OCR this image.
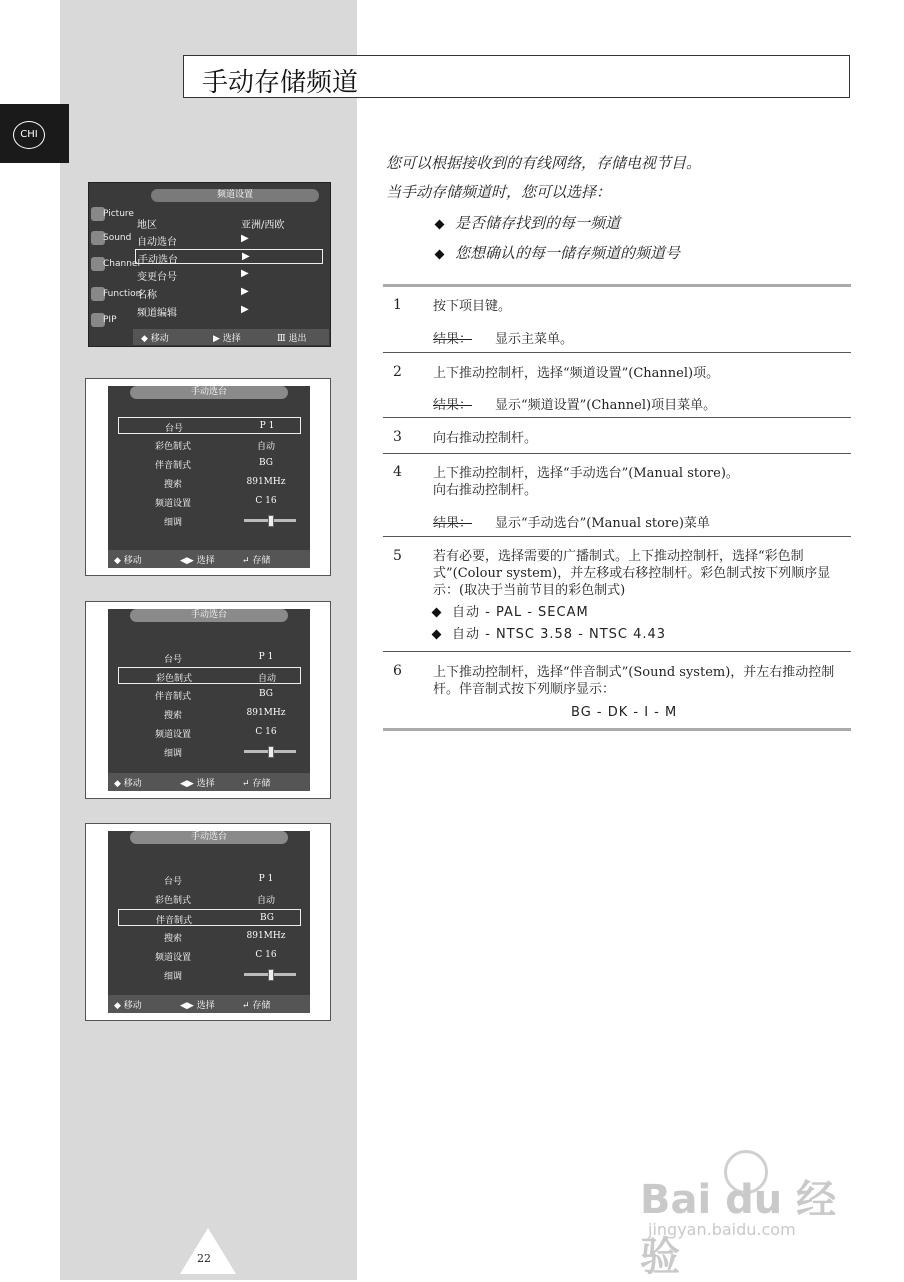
手动存储频道
CHI
频道设置
Picture
Sound
Channel
Function
PIP
地区	亚洲/西欧
自动选台	▶
手动选台	▶
变更台号	▶
名称	▶
频道编辑	▶
◆ 移动	▶ 选择	Ⅲ 退出
手动选台
台号	P 1
彩色制式	自动
伴音制式	BG
搜索	891MHz
频道设置	C 16
细调
◆ 移动	◀▶ 选择	↵ 存储
手动选台
台号	P 1
彩色制式	自动
伴音制式	BG
搜索	891MHz
频道设置	C 16
细调
◆ 移动	◀▶ 选择	↵ 存储
手动选台
台号	P 1
彩色制式	自动
伴音制式	BG
搜索	891MHz
频道设置	C 16
细调
◆ 移动	◀▶ 选择	↵ 存储
您可以根据接收到的有线网络，存储电视节目。
当手动存储频道时，您可以选择：
是否储存找到的每一频道
您想确认的每一储存频道的频道号
1 按下项目键。
结果： 显示主菜单。
2 上下推动控制杆，选择“频道设置”(Channel)项。
结果： 显示“频道设置”(Channel)项目菜单。
3 向右推动控制杆。
4 上下推动控制杆，选择“手动选台”(Manual store)。
向右推动控制杆。
结果： 显示“手动选台”(Manual store)菜单
5 若有必要，选择需要的广播制式。上下推动控制杆，选择“彩色制式”(Colour system)，并左移或右移控制杆。彩色制式按下列顺序显示：(取决于当前节目的彩色制式)
自动 - PAL - SECAM
自动 - NTSC 3.58 - NTSC 4.43
6 上下推动控制杆，选择“伴音制式”(Sound system)，并左右推动控制杆。伴音制式按下列顺序显示：
BG - DK - I - M
22
Bai du 经验
jingyan.baidu.com
